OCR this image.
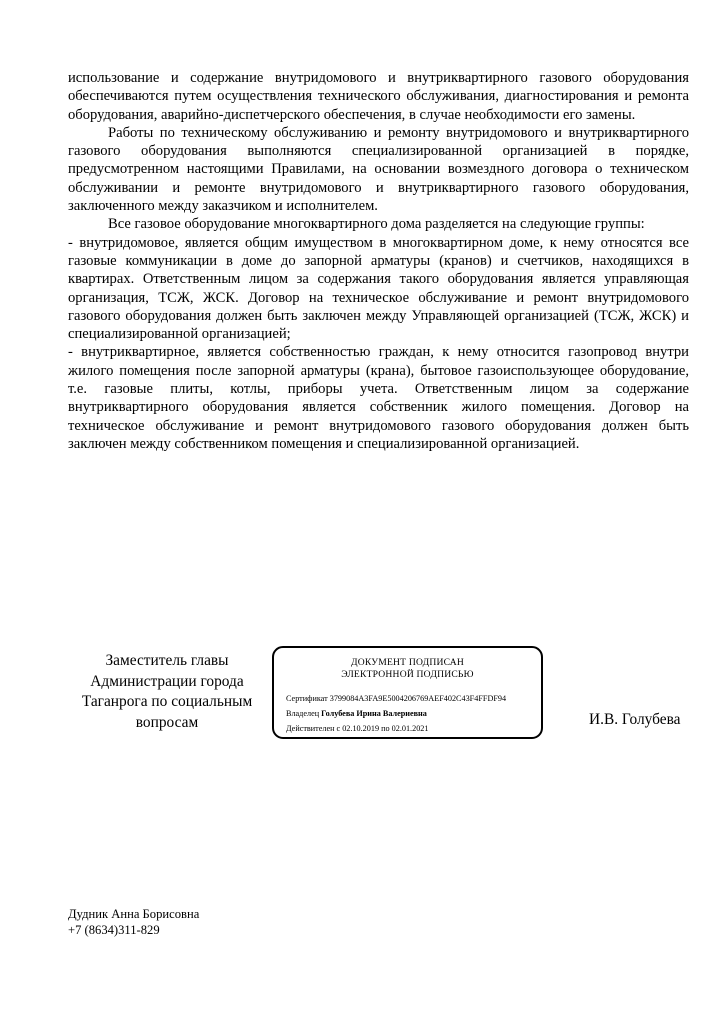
использование и содержание внутридомового и внутриквартирного газового оборудования обеспечиваются путем осуществления технического обслуживания, диагностирования и ремонта оборудования, аварийно-диспетчерского обеспечения, в случае необходимости его замены.

Работы по техническому обслуживанию и ремонту внутридомового и внутриквартирного газового оборудования выполняются специализированной организацией в порядке, предусмотренном настоящими Правилами, на основании возмездного договора о техническом обслуживании и ремонте внутридомового и внутриквартирного газового оборудования, заключенного между заказчиком и исполнителем.

Все газовое оборудование многоквартирного дома разделяется на следующие группы:

- внутридомовое, является общим имуществом в многоквартирном доме, к нему относятся все газовые коммуникации в доме до запорной арматуры (кранов) и счетчиков, находящихся в квартирах. Ответственным лицом за содержания такого оборудования является управляющая организация, ТСЖ, ЖСК. Договор на техническое обслуживание и ремонт внутридомового газового оборудования должен быть заключен между Управляющей организацией (ТСЖ, ЖСК) и специализированной организацией;

- внутриквартирное, является собственностью граждан, к нему относится газопровод внутри жилого помещения после запорной арматуры (крана), бытовое газоиспользующее оборудование, т.е. газовые плиты, котлы, приборы учета. Ответственным лицом за содержание внутриквартирного оборудования является собственник жилого помещения. Договор на техническое обслуживание и ремонт внутридомового газового оборудования должен быть заключен между собственником помещения и специализированной организацией.

Заместитель главы
Администрации города
Таганрога по социальным
вопросам
ДОКУМЕНТ ПОДПИСАН
ЭЛЕКТРОННОЙ ПОДПИСЬЮ
Сертификат 3799084A3FA9E5004206769AEF402C43F4FFDF94
Владелец Голубева Ирина Валериевна
Действителен с 02.10.2019 по 02.01.2021
И.В. Голубева
Дудник Анна Борисовна
+7 (8634)311-829
